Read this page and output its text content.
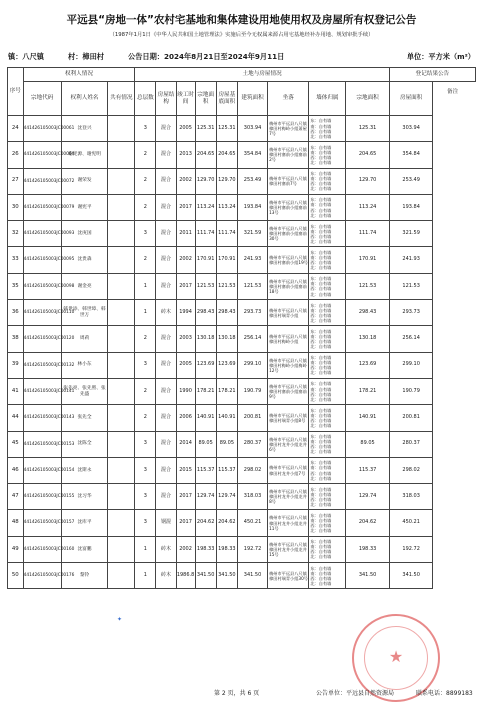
平远县“房地一体”农村宅基地和集体建设用地使用权及房屋所有权登记公告
（1987年1月1日《中华人民共和国土地管理法》实施后至今无权属来源占用宅基地经补办用地、规划审批手续）
镇：八尺镇	村：樟田村	公告日期：2024年8月21日至2024年9月11日	单位：平方米（m²）
序号	权利人情况			土地与房屋情况									登记结果公告
	宗地代码	权利人姓名	共有情况	总层数	房屋结构	竣工时间	宗地面积	房屋基底面积	建筑面积	坐落	墙体归属	宗地面积	房屋面积
24	441426105003JC00061	沈登兴		3	混合	2005	125.31	125.31	303.94	梅州市平远县八尺镇樟田村梅岭小组萧屋7号	东：自有墙
南：自有墙
西：自有墙
北：自有墙	125.31	303.94
26	441426105003JC00064	谢宪源、谢宪明		2	混合	2013	204.65	204.65	354.84	梅州市平远县八尺镇樟田村寨前小组寨前2号	东：自有墙
南：自有墙
西：自有墙
北：自有墙	204.65	354.84
27	441426105003JC00072	谢荣发		2	混合	2002	129.70	129.70	253.49	梅州市平远县八尺镇樟田村寨前7号	东：自有墙
南：自有墙
西：自有墙
北：自有墙	129.70	253.49
30	441426105003JC00079	谢宪平		2	混合	2017	113.24	113.24	193.84	梅州市平远县八尺镇樟田村寨前小组寨前13号	东：自有墙
南：自有墙
西：自有墙
北：自有墙	113.24	193.84
32	441426105003JC00093	沈庚国		3	混合	2011	111.74	111.74	321.59	梅州市平远县八尺镇樟田村寨前小组寨前30号	东：自有墙
南：自有墙
西：自有墙
北：自有墙	111.74	321.59
33	441426105003JC00095	沈贵森		2	混合	2002	170.91	170.91	241.93	梅州市平远县八尺镇樟田村寨前小组19号	东：自有墙
南：自有墙
西：自有墙
北：自有墙	170.91	241.93
35	441426105003JC00098	谢金亮		1	混合	2017	121.53	121.53	121.53	梅州市平远县八尺镇樟田村寨前小组寨前18号	东：自有墙
南：自有墙
西：自有墙
北：自有墙	121.53	121.53
36	441426105003JC00110	韩世添、韩世璋、韩世万		1	砖木	1994	298.43	298.43	293.73	梅州市平远县八尺镇樟田村瑞青小组	东：自有墙
南：自有墙
西：自有墙
北：自有墙	298.43	293.73
38	441426105003JC00120	周莉		2	混合	2003	130.18	130.18	256.14	梅州市平远县八尺镇樟田村梅岭小组	东：自有墙
南：自有墙
西：自有墙
北：自有墙	130.18	256.14
39	441426105003JC00132	林小东		3	混合	2005	123.69	123.69	299.10	梅州市平远县八尺镇樟田村梅岭小组梅岭12号	东：自有墙
南：自有墙
西：自有墙
北：自有墙	123.69	299.10
41	441426105003JC00141	张先亮、张先照、张先盛		2	混合	1990	178.21	178.21	190.79	梅州市平远县八尺镇樟田村寨前小组寨前9号	东：自有墙
南：自有墙
西：自有墙
北：自有墙	178.21	190.79
44	441426105003JC00143	张先全		2	混合	2006	140.91	140.91	200.81	梅州市平远县八尺镇樟田村瑞青小组8号	东：自有墙
南：自有墙
西：自有墙
北：自有墙	140.91	200.81
45	441426105003JC00153	沈陈全		3	混合	2014	89.05	89.05	280.37	梅州市平远县八尺镇樟田村龙井小组龙井6号	东：自有墙
南：自有墙
西：自有墙
北：自有墙	89.05	280.37
46	441426105003JC00154	沈斯永		3	混合	2015	115.37	115.37	298.02	梅州市平远县八尺镇樟田村龙井小组7号	东：自有墙
南：自有墙
西：自有墙
北：自有墙	115.37	298.02
47	441426105003JC00155	沈习华		3	混合	2017	129.74	129.74	318.03	梅州市平远县八尺镇樟田村龙井小组龙井8号	东：自有墙
南：自有墙
西：自有墙
北：自有墙	129.74	318.03
48	441426105003JC00157	沈库平		3	钢混	2017	204.62	204.62	450.21	梅州市平远县八尺镇樟田村龙井小组龙井11号	东：自有墙
南：自有墙
西：自有墙
北：自有墙	204.62	450.21
49	441426105003JC00160	沈富鹏		1	砖木	2002	198.33	198.33	192.72	梅州市平远县八尺镇樟田村龙井小组龙井15号	东：自有墙
南：自有墙
西：自有墙
北：自有墙	198.33	192.72
50	441426105003JC00176	黎铃		1	砖木	1986.8	341.50	341.50	341.50	梅州市平远县八尺镇樟田村瑞青小组30号	东：自有墙
南：自有墙
西：自有墙
北：自有墙	341.50	341.50
备注
✦
★
第 2 页，共 6 页	公告单位：平远县自然资源局	联系电话：8899183
